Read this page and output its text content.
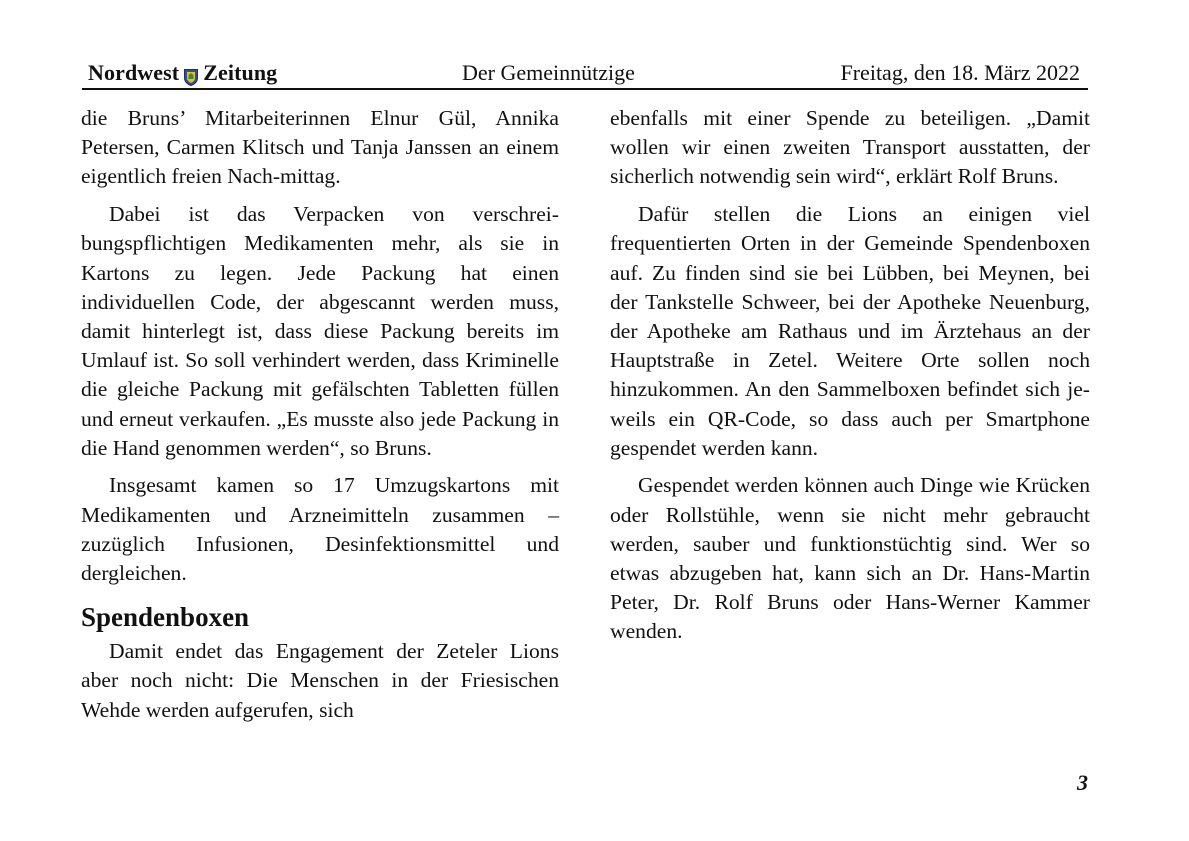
Nordwest Zeitung	Der Gemeinnützige	Freitag, den 18. März 2022

die Bruns’ Mitarbeiterinnen Elnur Gül, Annika Petersen, Carmen Klitsch und Tanja Janssen an einem eigentlich freien Nach-mittag.

Dabei ist das Verpacken von verschreibungspflichtigen Medikamenten mehr, als sie in Kartons zu legen. Jede Packung hat einen individuellen Code, der abgescannt werden muss, damit hinterlegt ist, dass diese Packung bereits im Umlauf ist. So soll verhindert werden, dass Kriminelle die gleiche Packung mit gefälschten Tabletten füllen und erneut verkaufen. „Es musste also jede Packung in die Hand genommen werden“, so Bruns.

Insgesamt kamen so 17 Umzugskartons mit Medikamenten und Arzneimitteln zusammen – zuzüglich Infusionen, Desinfektionsmittel und dergleichen.

Spendenboxen

Damit endet das Engagement der Zeteler Lions aber noch nicht: Die Menschen in der Friesischen Wehde werden aufgerufen, sich

ebenfalls mit einer Spende zu beteiligen. „Damit wollen wir einen zweiten Transport ausstatten, der sicherlich notwendig sein wird“, erklärt Rolf Bruns.

Dafür stellen die Lions an einigen viel frequentierten Orten in der Gemeinde Spendenboxen auf. Zu finden sind sie bei Lübben, bei Meynen, bei der Tankstelle Schweer, bei der Apotheke Neuenburg, der Apotheke am Rathaus und im Ärztehaus an der Hauptstraße in Zetel. Weitere Orte sollen noch hinzukommen. An den Sammelboxen befindet sich jeweils ein QR-Code, so dass auch per Smartphone gespendet werden kann.

Gespendet werden können auch Dinge wie Krücken oder Rollstühle, wenn sie nicht mehr gebraucht werden, sauber und funktionstüchtig sind. Wer so etwas abzugeben hat, kann sich an Dr. Hans-Martin Peter, Dr. Rolf Bruns oder Hans-Werner Kammer wenden.

3
